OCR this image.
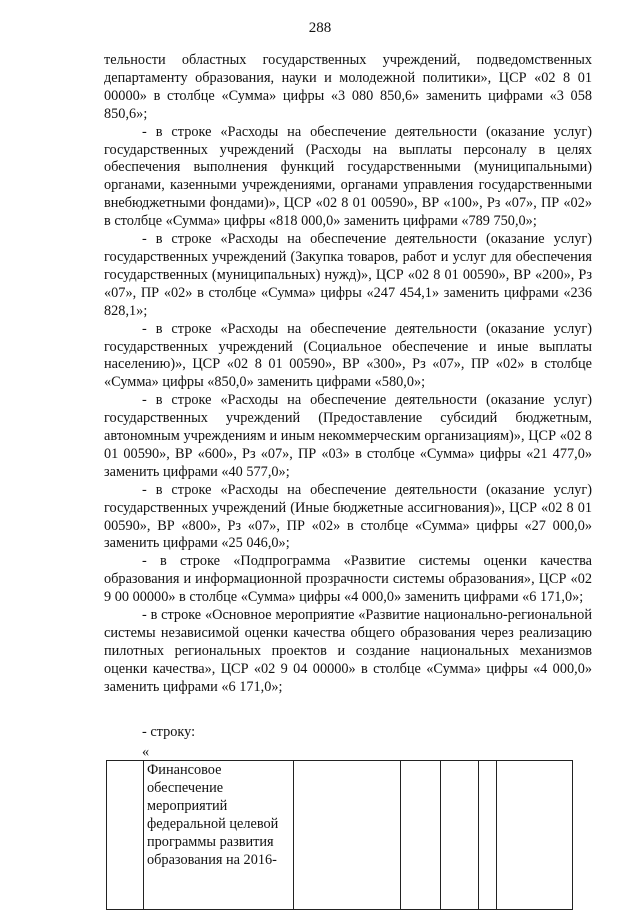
288

тельности областных государственных учреждений, подведомственных департаменту образования, науки и молодежной политики», ЦСР «02 8 01 00000» в столбце «Сумма» цифры «3 080 850,6» заменить цифрами «3 058 850,6»;

- в строке «Расходы на обеспечение деятельности (оказание услуг) государственных учреждений (Расходы на выплаты персоналу в целях обеспечения выполнения функций государственными (муниципальными) органами, казенными учреждениями, органами управления государственными внебюджетными фондами)», ЦСР «02 8 01 00590», ВР «100», Рз «07», ПР «02» в столбце «Сумма» цифры «818 000,0» заменить цифрами «789 750,0»;

- в строке «Расходы на обеспечение деятельности (оказание услуг) государственных учреждений (Закупка товаров, работ и услуг для обеспечения государственных (муниципальных) нужд)», ЦСР «02 8 01 00590», ВР «200», Рз «07», ПР «02» в столбце «Сумма» цифры «247 454,1» заменить цифрами «236 828,1»;

- в строке «Расходы на обеспечение деятельности (оказание услуг) государственных учреждений (Социальное обеспечение и иные выплаты населению)», ЦСР «02 8 01 00590», ВР «300», Рз «07», ПР «02» в столбце «Сумма» цифры «850,0» заменить цифрами «580,0»;

- в строке «Расходы на обеспечение деятельности (оказание услуг) государственных учреждений (Предоставление субсидий бюджетным, автономным учреждениям и иным некоммерческим организациям)», ЦСР «02 8 01 00590», ВР «600», Рз «07», ПР «03» в столбце «Сумма» цифры «21 477,0» заменить цифрами «40 577,0»;

- в строке «Расходы на обеспечение деятельности (оказание услуг) государственных учреждений (Иные бюджетные ассигнования)», ЦСР «02 8 01 00590», ВР «800», Рз «07», ПР «02» в столбце «Сумма» цифры «27 000,0» заменить цифрами «25 046,0»;

- в строке «Подпрограмма «Развитие системы оценки качества образования и информационной прозрачности системы образования», ЦСР «02 9 00 00000» в столбце «Сумма» цифры «4 000,0» заменить цифрами «6 171,0»;

- в строке «Основное мероприятие «Развитие национально-региональной системы независимой оценки качества общего образования через реализацию пилотных региональных проектов и создание национальных механизмов оценки качества», ЦСР «02 9 04 00000» в столбце «Сумма» цифры «4 000,0» заменить цифрами «6 171,0»;

- строку:
«
	Финансовое обеспечение мероприятий федеральной целевой программы развития образования на 2016-					
